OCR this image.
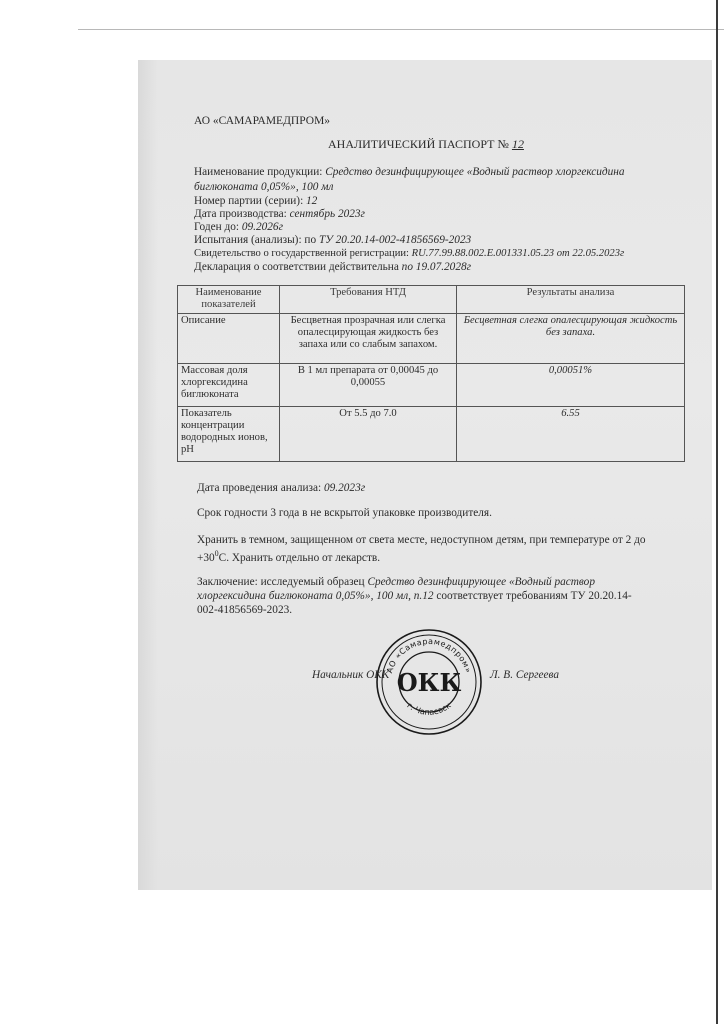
АО «САМАРАМЕДПРОМ»
АНАЛИТИЧЕСКИЙ ПАСПОРТ № 12
Наименование продукции: Средство дезинфицирующее «Водный раствор хлоргексидина
биглюконата 0,05%», 100 мл
Номер партии (серии): 12
Дата производства: сентябрь 2023г
Годен до: 09.2026г
Испытания (анализы): по ТУ 20.20.14-002-41856569-2023
Свидетельство о государственной регистрации: RU.77.99.88.002.Е.001331.05.23 от 22.05.2023г
Декларация о соответствии действительна по 19.07.2028г
Наименование показателей	Требования НТД	Результаты анализа
Описание	Бесцветная прозрачная или слегка опалесцирующая жидкость без запаха или со слабым запахом.	Бесцветная слегка опалесцирующая жидкость без запаха.
Массовая доля хлоргексидина биглюконата	В 1 мл препарата от 0,00045 до 0,00055	0,00051%
Показатель концентрации водородных ионов, pH	От 5.5 до 7.0	6.55
Дата проведения анализа: 09.2023г
Срок годности 3 года в не вскрытой упаковке производителя.
Хранить в темном, защищенном от света месте, недоступном детям, при температуре от 2 до
$+30^0С$. Хранить отдельно от лекарств.
Заключение: исследуемый образец Средство дезинфицирующее «Водный раствор
хлоргексидина биглюконата 0,05%», 100 мл, п.12 соответствует требованиям ТУ 20.20.14-
002-41856569-2023.
Начальник ОКК	Л. В. Сергеева
АО «Самарамедпром»
г. Чапаевск
ОКК
